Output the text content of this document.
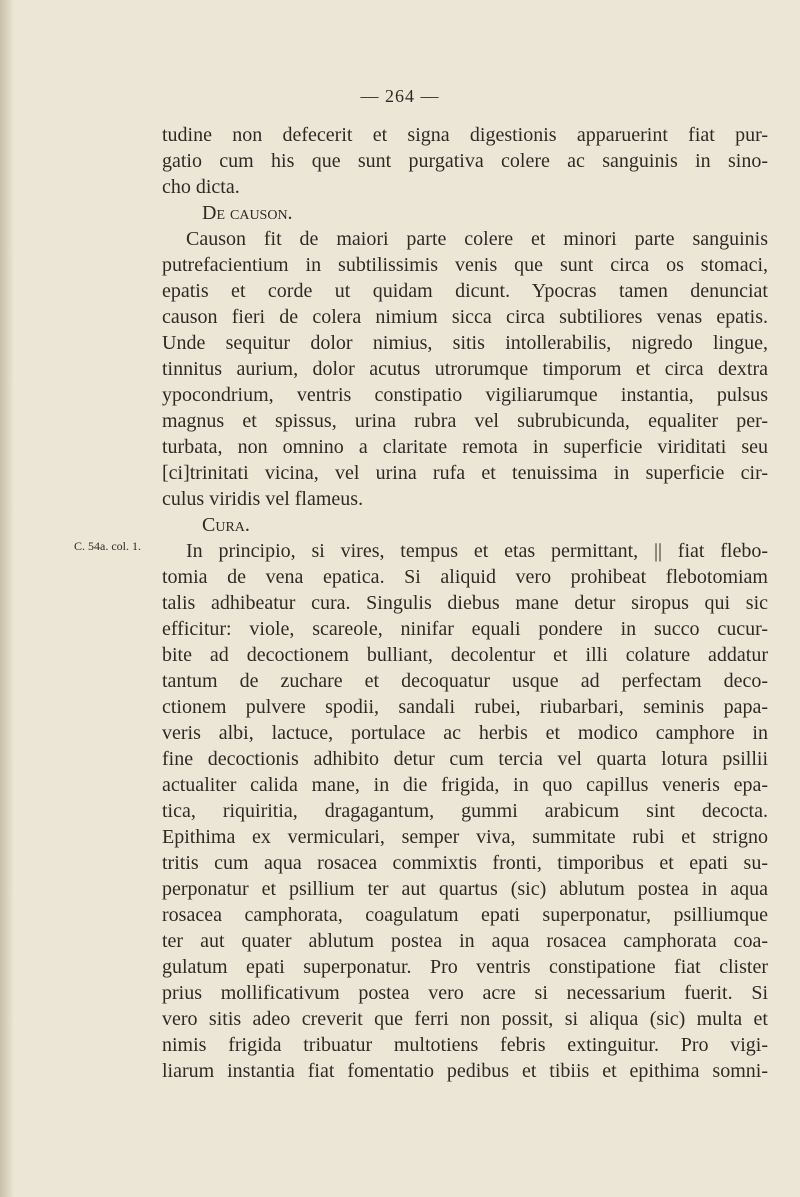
— 264 —
C. 54a. col. 1.
tudine non defecerit et signa digestionis apparuerint fiat pur-
gatio cum his que sunt purgativa colere ac sanguinis in sino-
cho dicta.
De causon.
Causon fit de maiori parte colere et minori parte sanguinis
putrefacientium in subtilissimis venis que sunt circa os stomaci,
epatis et corde ut quidam dicunt. Ypocras tamen denunciat
causon fieri de colera nimium sicca circa subtiliores venas epatis.
Unde sequitur dolor nimius, sitis intollerabilis, nigredo lingue,
tinnitus aurium, dolor acutus utrorumque timporum et circa dextra
ypocondrium, ventris constipatio vigiliarumque instantia, pulsus
magnus et spissus, urina rubra vel subrubicunda, equaliter per-
turbata, non omnino a claritate remota in superficie viriditati seu
[ci]trinitati vicina, vel urina rufa et tenuissima in superficie cir-
culus viridis vel flameus.
Cura.
In principio, si vires, tempus et etas permittant, || fiat flebo-
tomia de vena epatica. Si aliquid vero prohibeat flebotomiam
talis adhibeatur cura. Singulis diebus mane detur siropus qui sic
efficitur: viole, scareole, ninifar equali pondere in succo cucur-
bite ad decoctionem bulliant, decolentur et illi colature addatur
tantum de zuchare et decoquatur usque ad perfectam deco-
ctionem pulvere spodii, sandali rubei, riubarbari, seminis papa-
veris albi, lactuce, portulace ac herbis et modico camphore in
fine decoctionis adhibito detur cum tercia vel quarta lotura psillii
actualiter calida mane, in die frigida, in quo capillus veneris epa-
tica, riquiritia, dragagantum, gummi arabicum sint decocta.
Epithima ex vermiculari, semper viva, summitate rubi et strigno
tritis cum aqua rosacea commixtis fronti, timporibus et epati su-
perponatur et psillium ter aut quartus (sic) ablutum postea in aqua
rosacea camphorata, coagulatum epati superponatur, psilliumque
ter aut quater ablutum postea in aqua rosacea camphorata coa-
gulatum epati superponatur. Pro ventris constipatione fiat clister
prius mollificativum postea vero acre si necessarium fuerit. Si
vero sitis adeo creverit que ferri non possit, si aliqua (sic) multa et
nimis frigida tribuatur multotiens febris extinguitur. Pro vigi-
liarum instantia fiat fomentatio pedibus et tibiis et epithima somni-
